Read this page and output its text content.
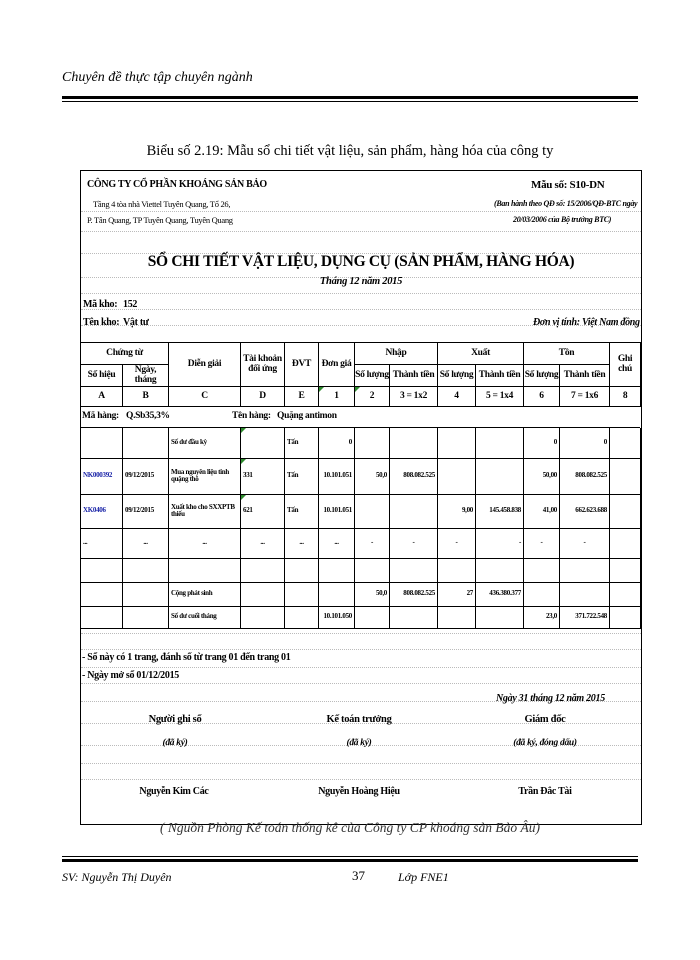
Chuyên đề thực tập chuyên ngành
Biểu số 2.19: Mẫu sổ chi tiết vật liệu, sản phẩm, hàng hóa của công ty
CÔNG TY CỔ PHẦN KHOÁNG SẢN BẢO
Tầng 4 tòa nhà Viettel Tuyên Quang, Tổ 26,
P. Tân Quang, TP Tuyên Quang, Tuyên Quang
Mẫu số: S10-DN
(Ban hành theo QĐ số: 15/2006/QĐ-BTC ngày
20/03/2006 của Bộ trưởng BTC)
SỔ CHI TIẾT VẬT LIỆU, DỤNG CỤ (SẢN PHẨM, HÀNG HÓA)
Tháng 12 năm 2015
Mã kho: 152
Tên kho: Vật tư	Đơn vị tính: Việt Nam đồng
Chứng từ		Diễn giải	Tài khoản đối ứng	ĐVT	Đơn giá	Nhập		Xuất		Tồn		Ghi chú
Số hiệu	Ngày, tháng					Số lượng	Thành tiền	Số lượng	Thành tiền	Số lượng	Thành tiền	
A	B	C	D	E	1	2	3 = 1x2	4	5 = 1x4	6	7 = 1x6	8
Mã hàng: Q.Sb35,3%	Tên hàng: Quặng antimon
		Số dư đầu kỳ		Tấn	0					0	0	
NK000392	09/12/2015	Mua nguyên liệu tinh quặng thô	331	Tấn	10.101.051	50,0	808.082.525			50,00	808.082.525	
XK0406	09/12/2015	Xuất kho cho SXXPTB thiếu	621	Tấn	10.101.051			9,00	145.458.838	41,00	662.623.688	
...	...	...	...	...	...	-	-	-	-	-	-	

		Cộng phát sinh				50,0	808.082.525	27	436.380.377			
		Số dư cuối tháng			10.101.050					23,0	371.722.548	
- Sổ này có 1 trang, đánh số từ trang 01 đến trang 01
- Ngày mở sổ 01/12/2015
Ngày 31 tháng 12 năm 2015
Người ghi sổ
(đã ký)
Nguyễn Kim Các
Kế toán trưởng
(đã ký)
Nguyễn Hoàng Hiệu
Giám đốc
(đã ký, đóng dấu)
Trần Đắc Tài
( Nguồn Phòng Kế toán thống kê của Công ty CP khoáng sản Bảo Âu)
SV: Nguyễn Thị Duyên	37	Lớp FNE1
